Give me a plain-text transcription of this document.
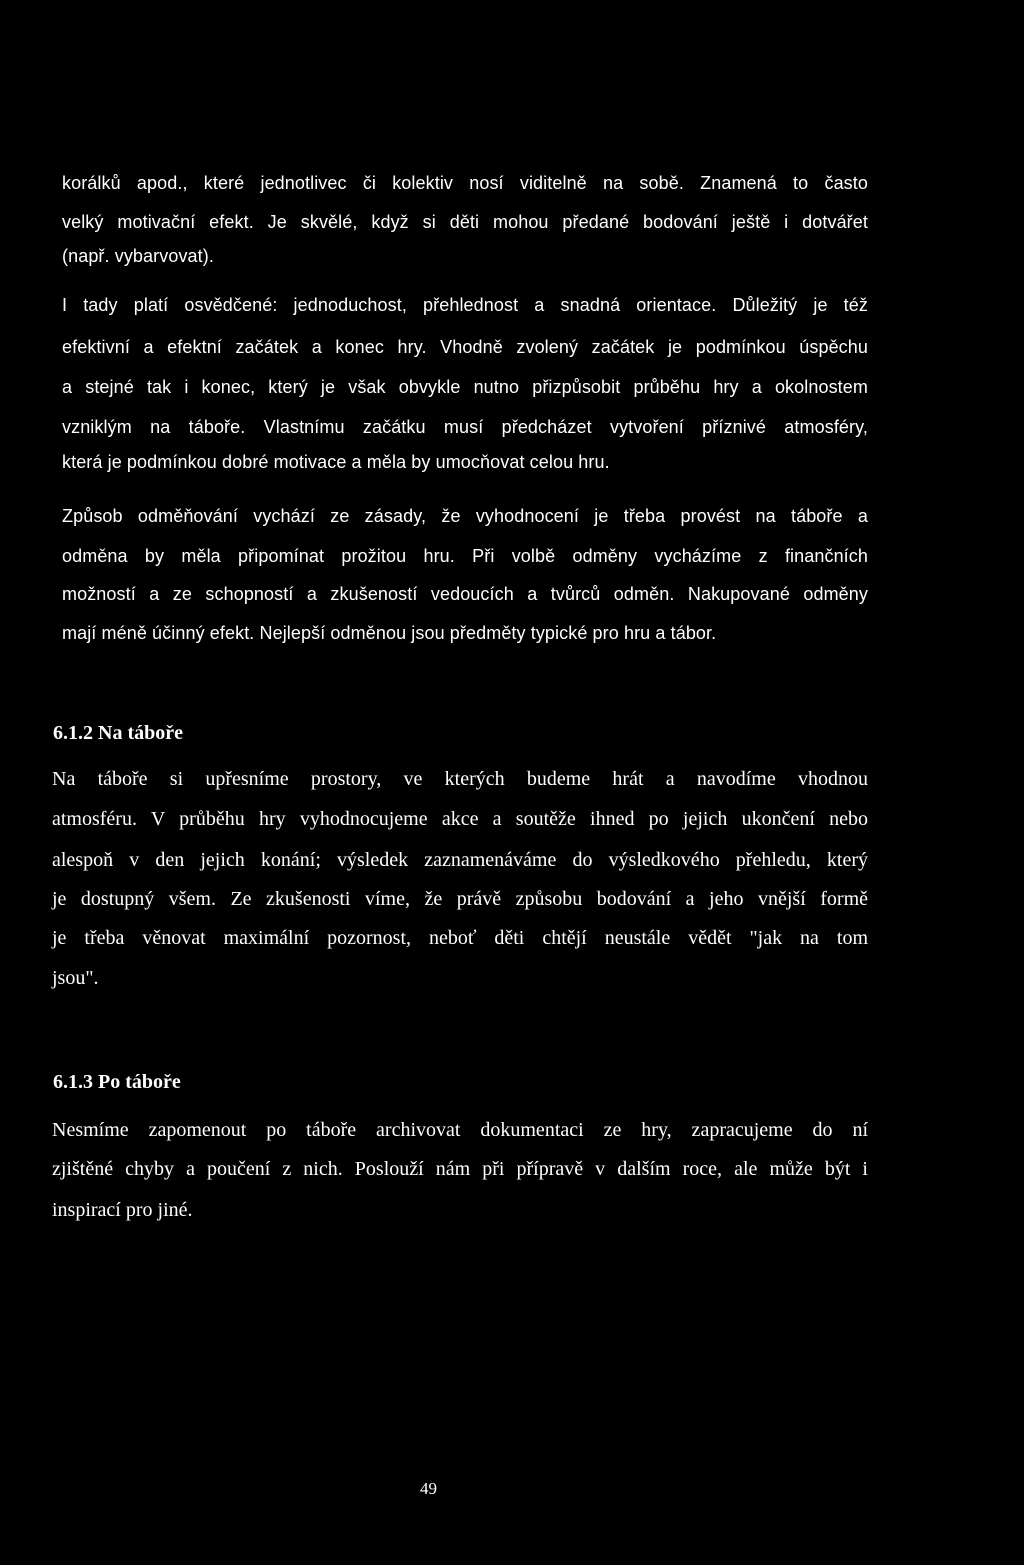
korálků apod., které jednotlivec či kolektiv nosí viditelně na sobě. Znamená to často
velký motivační efekt. Je skvělé, když si děti mohou předané bodování ještě i dotvářet
(např. vybarvovat).
I tady platí osvědčené: jednoduchost, přehlednost a snadná orientace. Důležitý je též
efektivní a efektní začátek a konec hry. Vhodně zvolený začátek je podmínkou úspěchu
a stejné tak i konec, který je však obvykle nutno přizpůsobit průběhu hry a okolnostem
vzniklým na táboře. Vlastnímu začátku musí předcházet vytvoření příznivé atmosféry,
která je podmínkou dobré motivace a měla by umocňovat celou hru.
Způsob odměňování vychází ze zásady, že vyhodnocení je třeba provést na táboře a
odměna by měla připomínat prožitou hru. Při volbě odměny vycházíme z finančních
možností a ze schopností a zkušeností vedoucích a tvůrců odměn. Nakupované odměny
mají méně účinný efekt. Nejlepší odměnou jsou předměty typické pro hru a tábor.
6.1.2 Na táboře
Na táboře si upřesníme prostory, ve kterých budeme hrát a navodíme vhodnou
atmosféru. V průběhu hry vyhodnocujeme akce a soutěže ihned po jejich ukončení nebo
alespoň v den jejich konání; výsledek zaznamenáváme do výsledkového přehledu, který
je dostupný všem. Ze zkušenosti víme, že právě způsobu bodování a jeho vnější formě
je třeba věnovat maximální pozornost, neboť děti chtějí neustále vědět "jak na tom
jsou".
6.1.3 Po táboře
Nesmíme zapomenout po táboře archivovat dokumentaci ze hry, zapracujeme do ní
zjištěné chyby a poučení z nich. Poslouží nám při přípravě v dalším roce, ale může být i
inspirací pro jiné.
49
